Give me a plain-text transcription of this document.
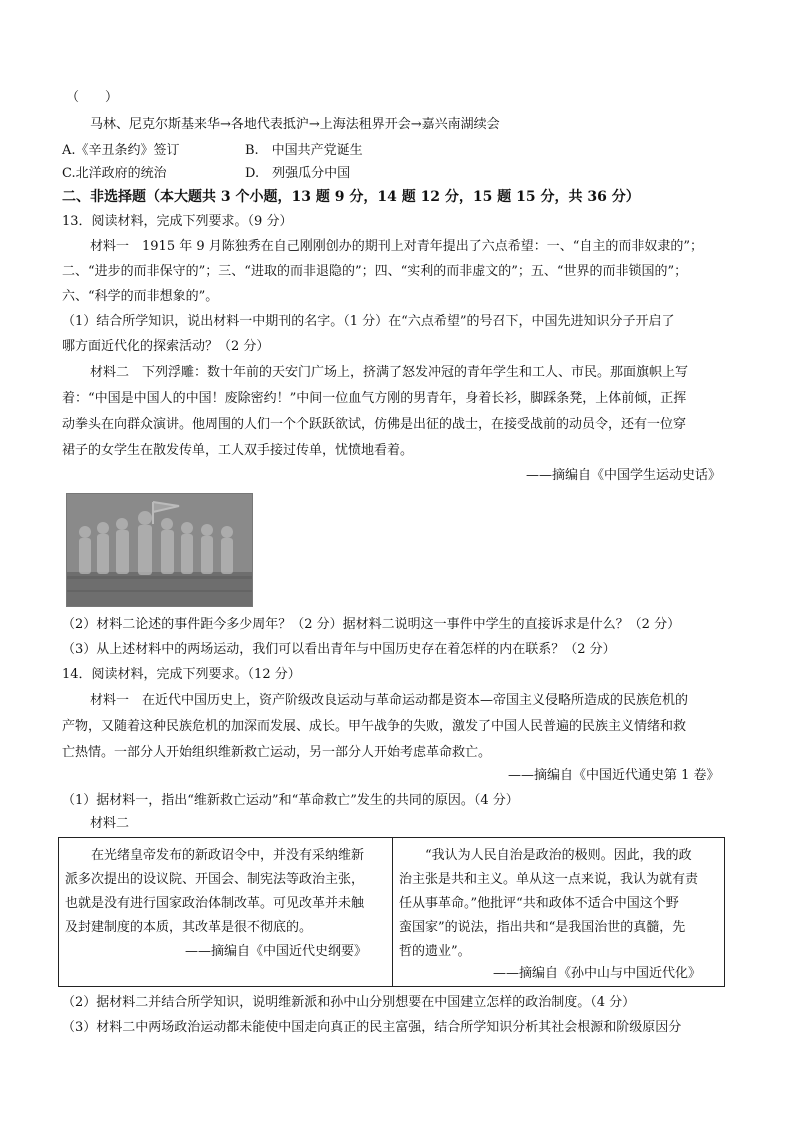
（　　）
马林、尼克尔斯基来华→各地代表抵沪→上海法租界开会→嘉兴南湖续会
A.《辛丑条约》签订	B.　中国共产党诞生
C.北洋政府的统治	D.　列强瓜分中国
二、非选择题（本大题共 3 个小题，13 题 9 分，14 题 12 分，15 题 15 分，共 36 分）
13．阅读材料，完成下列要求。（9 分）
材料一　1915 年 9 月陈独秀在自己刚刚创办的期刊上对青年提出了六点希望：一、“自主的而非奴隶的”；
二、“进步的而非保守的”；三、“进取的而非退隐的”；四、“实利的而非虚文的”；五、“世界的而非锁国的”；
六、“科学的而非想象的”。
（1）结合所学知识，说出材料一中期刊的名字。（1 分）在“六点希望”的号召下，中国先进知识分子开启了
哪方面近代化的探索活动？（2 分）
材料二　下列浮雕：数十年前的天安门广场上，挤满了怒发冲冠的青年学生和工人、市民。那面旗帜上写
着：“中国是中国人的中国！废除密约！”中间一位血气方刚的男青年，身着长衫，脚踩条凳，上体前倾，正挥
动拳头在向群众演讲。他周围的人们一个个跃跃欲试，仿佛是出征的战士，在接受战前的动员令，还有一位穿
裙子的女学生在散发传单，工人双手接过传单，忧愤地看着。
——摘编自《中国学生运动史话》
（2）材料二论述的事件距今多少周年？（2 分）据材料二说明这一事件中学生的直接诉求是什么？（2 分）
（3）从上述材料中的两场运动，我们可以看出青年与中国历史存在着怎样的内在联系？（2 分）
14．阅读材料，完成下列要求。（12 分）
材料一　在近代中国历史上，资产阶级改良运动与革命运动都是资本—帝国主义侵略所造成的民族危机的
产物，又随着这种民族危机的加深而发展、成长。甲午战争的失败，激发了中国人民普遍的民族主义情绪和救
亡热情。一部分人开始组织维新救亡运动，另一部分人开始考虑革命救亡。
——摘编自《中国近代通史第 1 卷》
（1）据材料一，指出“维新救亡运动”和“革命救亡”发生的共同的原因。（4 分）
材料二
在光绪皇帝发布的新政诏令中，并没有采纳维新
派多次提出的设议院、开国会、制宪法等政治主张，
也就是没有进行国家政治体制改革。可见改革并未触
及封建制度的本质，其改革是很不彻底的。
——摘编自《中国近代史纲要》
“我认为人民自治是政治的极则。因此，我的政
治主张是共和主义。单从这一点来说，我认为就有责
任从事革命。”他批评“共和政体不适合中国这个野
蛮国家”的说法，指出共和“是我国治世的真髓，先
哲的遗业”。
——摘编自《孙中山与中国近代化》
（2）据材料二并结合所学知识，说明维新派和孙中山分别想要在中国建立怎样的政治制度。（4 分）
（3）材料二中两场政治运动都未能使中国走向真正的民主富强，结合所学知识分析其社会根源和阶级原因分
